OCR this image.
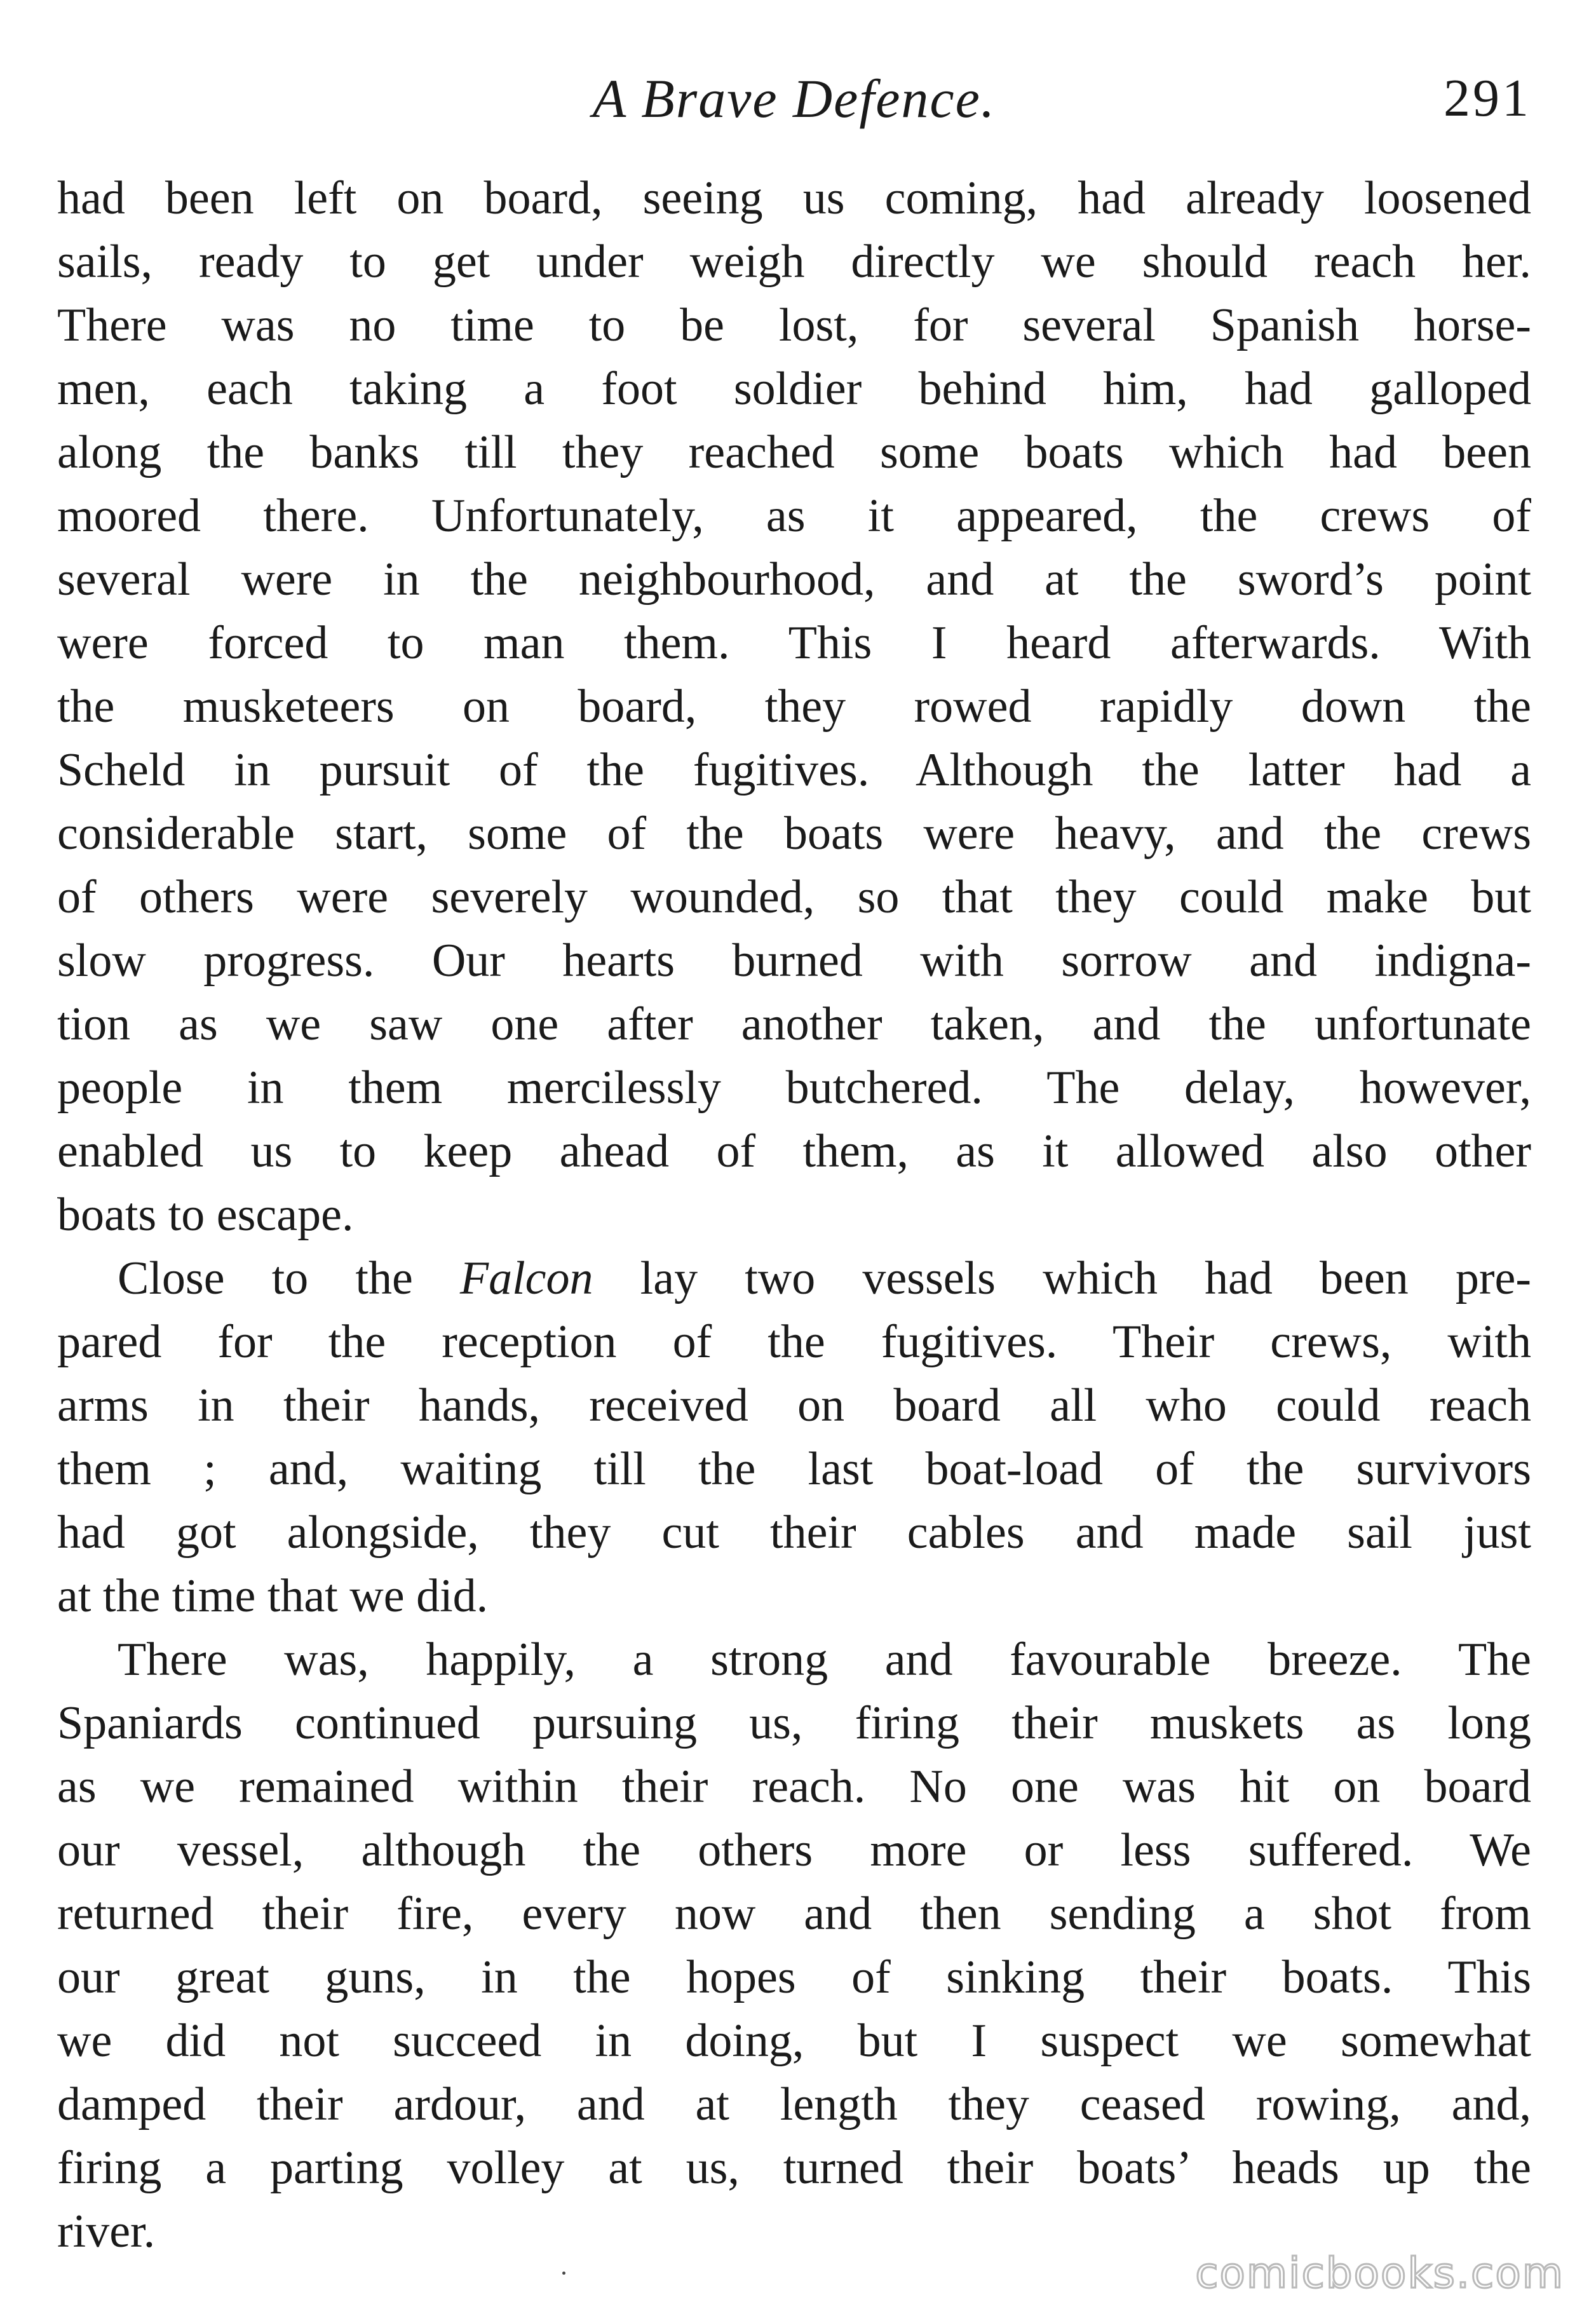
A Brave Defence.	291
had been left on board, seeing us coming, had already loosened
sails, ready to get under weigh directly we should reach her.
There was no time to be lost, for several Spanish horse-
men, each taking a foot soldier behind him, had galloped
along the banks till they reached some boats which had been
moored there. Unfortunately, as it appeared, the crews of
several were in the neighbourhood, and at the sword’s point
were forced to man them. This I heard afterwards. With
the musketeers on board, they rowed rapidly down the
Scheld in pursuit of the fugitives. Although the latter had a
considerable start, some of the boats were heavy, and the crews
of others were severely wounded, so that they could make but
slow progress. Our hearts burned with sorrow and indigna-
tion as we saw one after another taken, and the unfortunate
people in them mercilessly butchered. The delay, however,
enabled us to keep ahead of them, as it allowed also other
boats to escape.
Close to the Falcon lay two vessels which had been pre-
pared for the reception of the fugitives. Their crews, with
arms in their hands, received on board all who could reach
them ; and, waiting till the last boat-load of the survivors
had got alongside, they cut their cables and made sail just
at the time that we did.
There was, happily, a strong and favourable breeze. The
Spaniards continued pursuing us, firing their muskets as long
as we remained within their reach. No one was hit on board
our vessel, although the others more or less suffered. We
returned their fire, every now and then sending a shot from
our great guns, in the hopes of sinking their boats. This
we did not succeed in doing, but I suspect we somewhat
damped their ardour, and at length they ceased rowing, and,
firing a parting volley at us, turned their boats’ heads up the
river.
comicbooks.com
